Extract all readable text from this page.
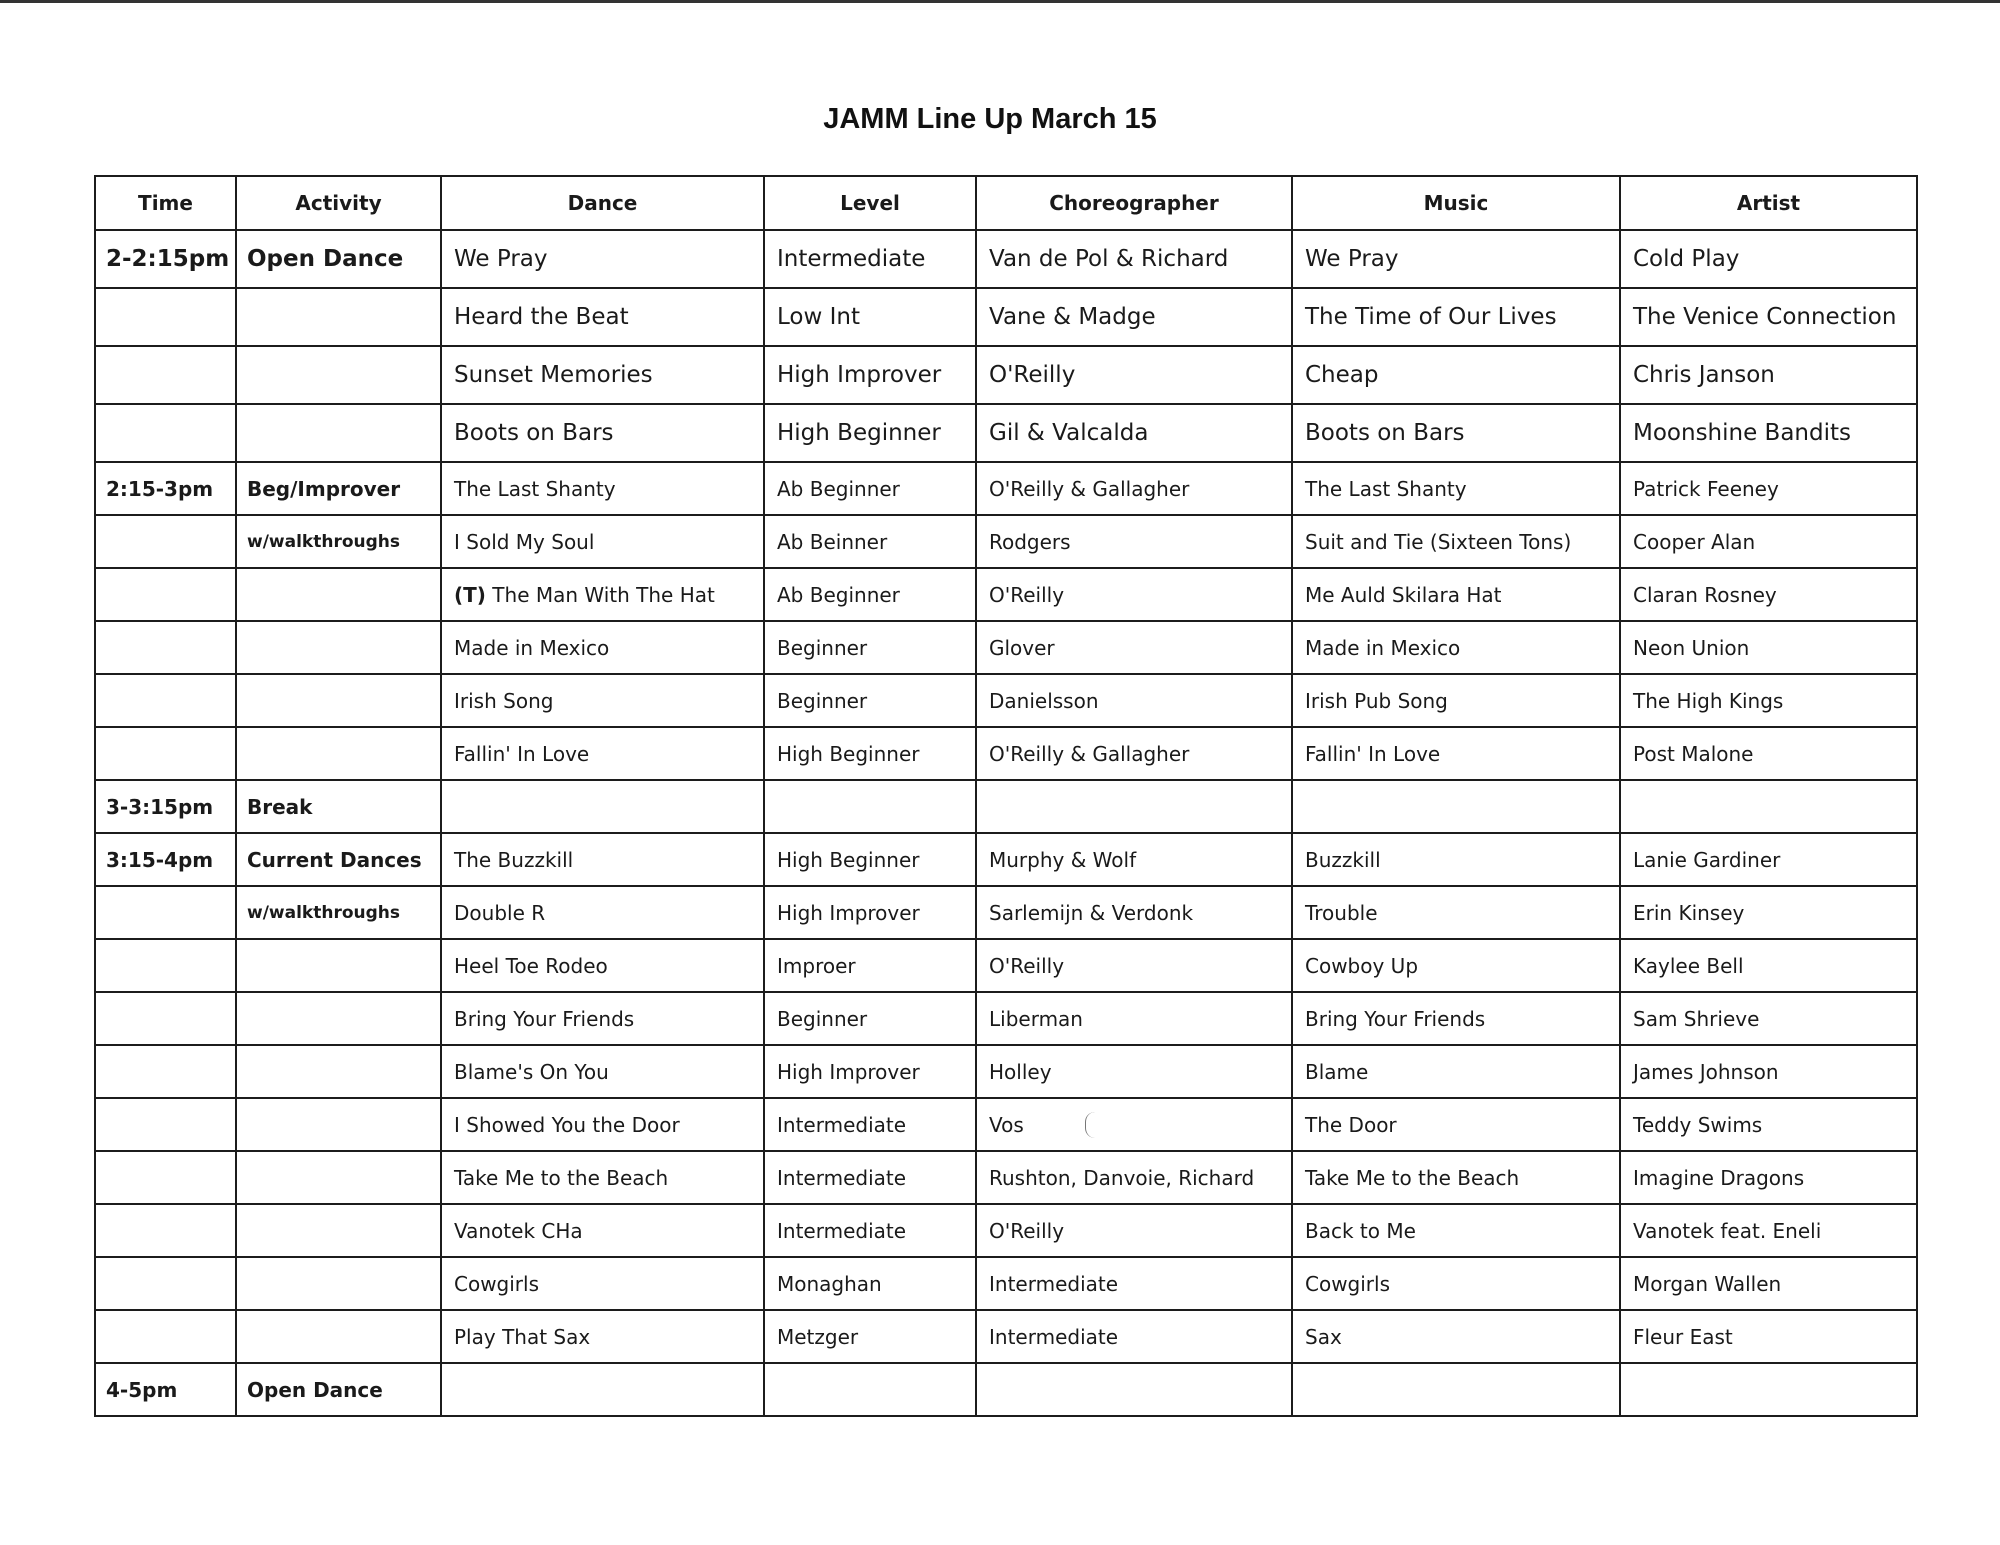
JAMM Line Up March 15
Time	Activity	Dance	Level	Choreographer	Music	Artist
2-2:15pm	Open Dance	We Pray	Intermediate	Van de Pol & Richard	We Pray	Cold Play
		Heard the Beat	Low Int	Vane & Madge	The Time of Our Lives	The Venice Connection
		Sunset Memories	High Improver	O'Reilly	Cheap	Chris Janson
		Boots on Bars	High Beginner	Gil & Valcalda	Boots on Bars	Moonshine Bandits
2:15-3pm	Beg/Improver	The Last Shanty	Ab Beginner	O'Reilly & Gallagher	The Last Shanty	Patrick Feeney
	w/walkthroughs	I Sold My Soul	Ab Beinner	Rodgers	Suit and Tie (Sixteen Tons)	Cooper Alan
		(T) The Man With The Hat	Ab Beginner	O'Reilly	Me Auld Skilara Hat	Claran Rosney
		Made in Mexico	Beginner	Glover	Made in Mexico	Neon Union
		Irish Song	Beginner	Danielsson	Irish Pub Song	The High Kings
		Fallin' In Love	High Beginner	O'Reilly & Gallagher	Fallin' In Love	Post Malone
3-3:15pm	Break					
3:15-4pm	Current Dances	The Buzzkill	High Beginner	Murphy & Wolf	Buzzkill	Lanie Gardiner
	w/walkthroughs	Double R	High Improver	Sarlemijn & Verdonk	Trouble	Erin Kinsey
		Heel Toe Rodeo	Improer	O'Reilly	Cowboy Up	Kaylee Bell
		Bring Your Friends	Beginner	Liberman	Bring Your Friends	Sam Shrieve
		Blame's On You	High Improver	Holley	Blame	James Johnson
		I Showed You the Door	Intermediate	Vos	The Door	Teddy Swims
		Take Me to the Beach	Intermediate	Rushton, Danvoie, Richard	Take Me to the Beach	Imagine Dragons
		Vanotek CHa	Intermediate	O'Reilly	Back to Me	Vanotek feat. Eneli
		Cowgirls	Monaghan	Intermediate	Cowgirls	Morgan Wallen
		Play That Sax	Metzger	Intermediate	Sax	Fleur East
4-5pm	Open Dance					
